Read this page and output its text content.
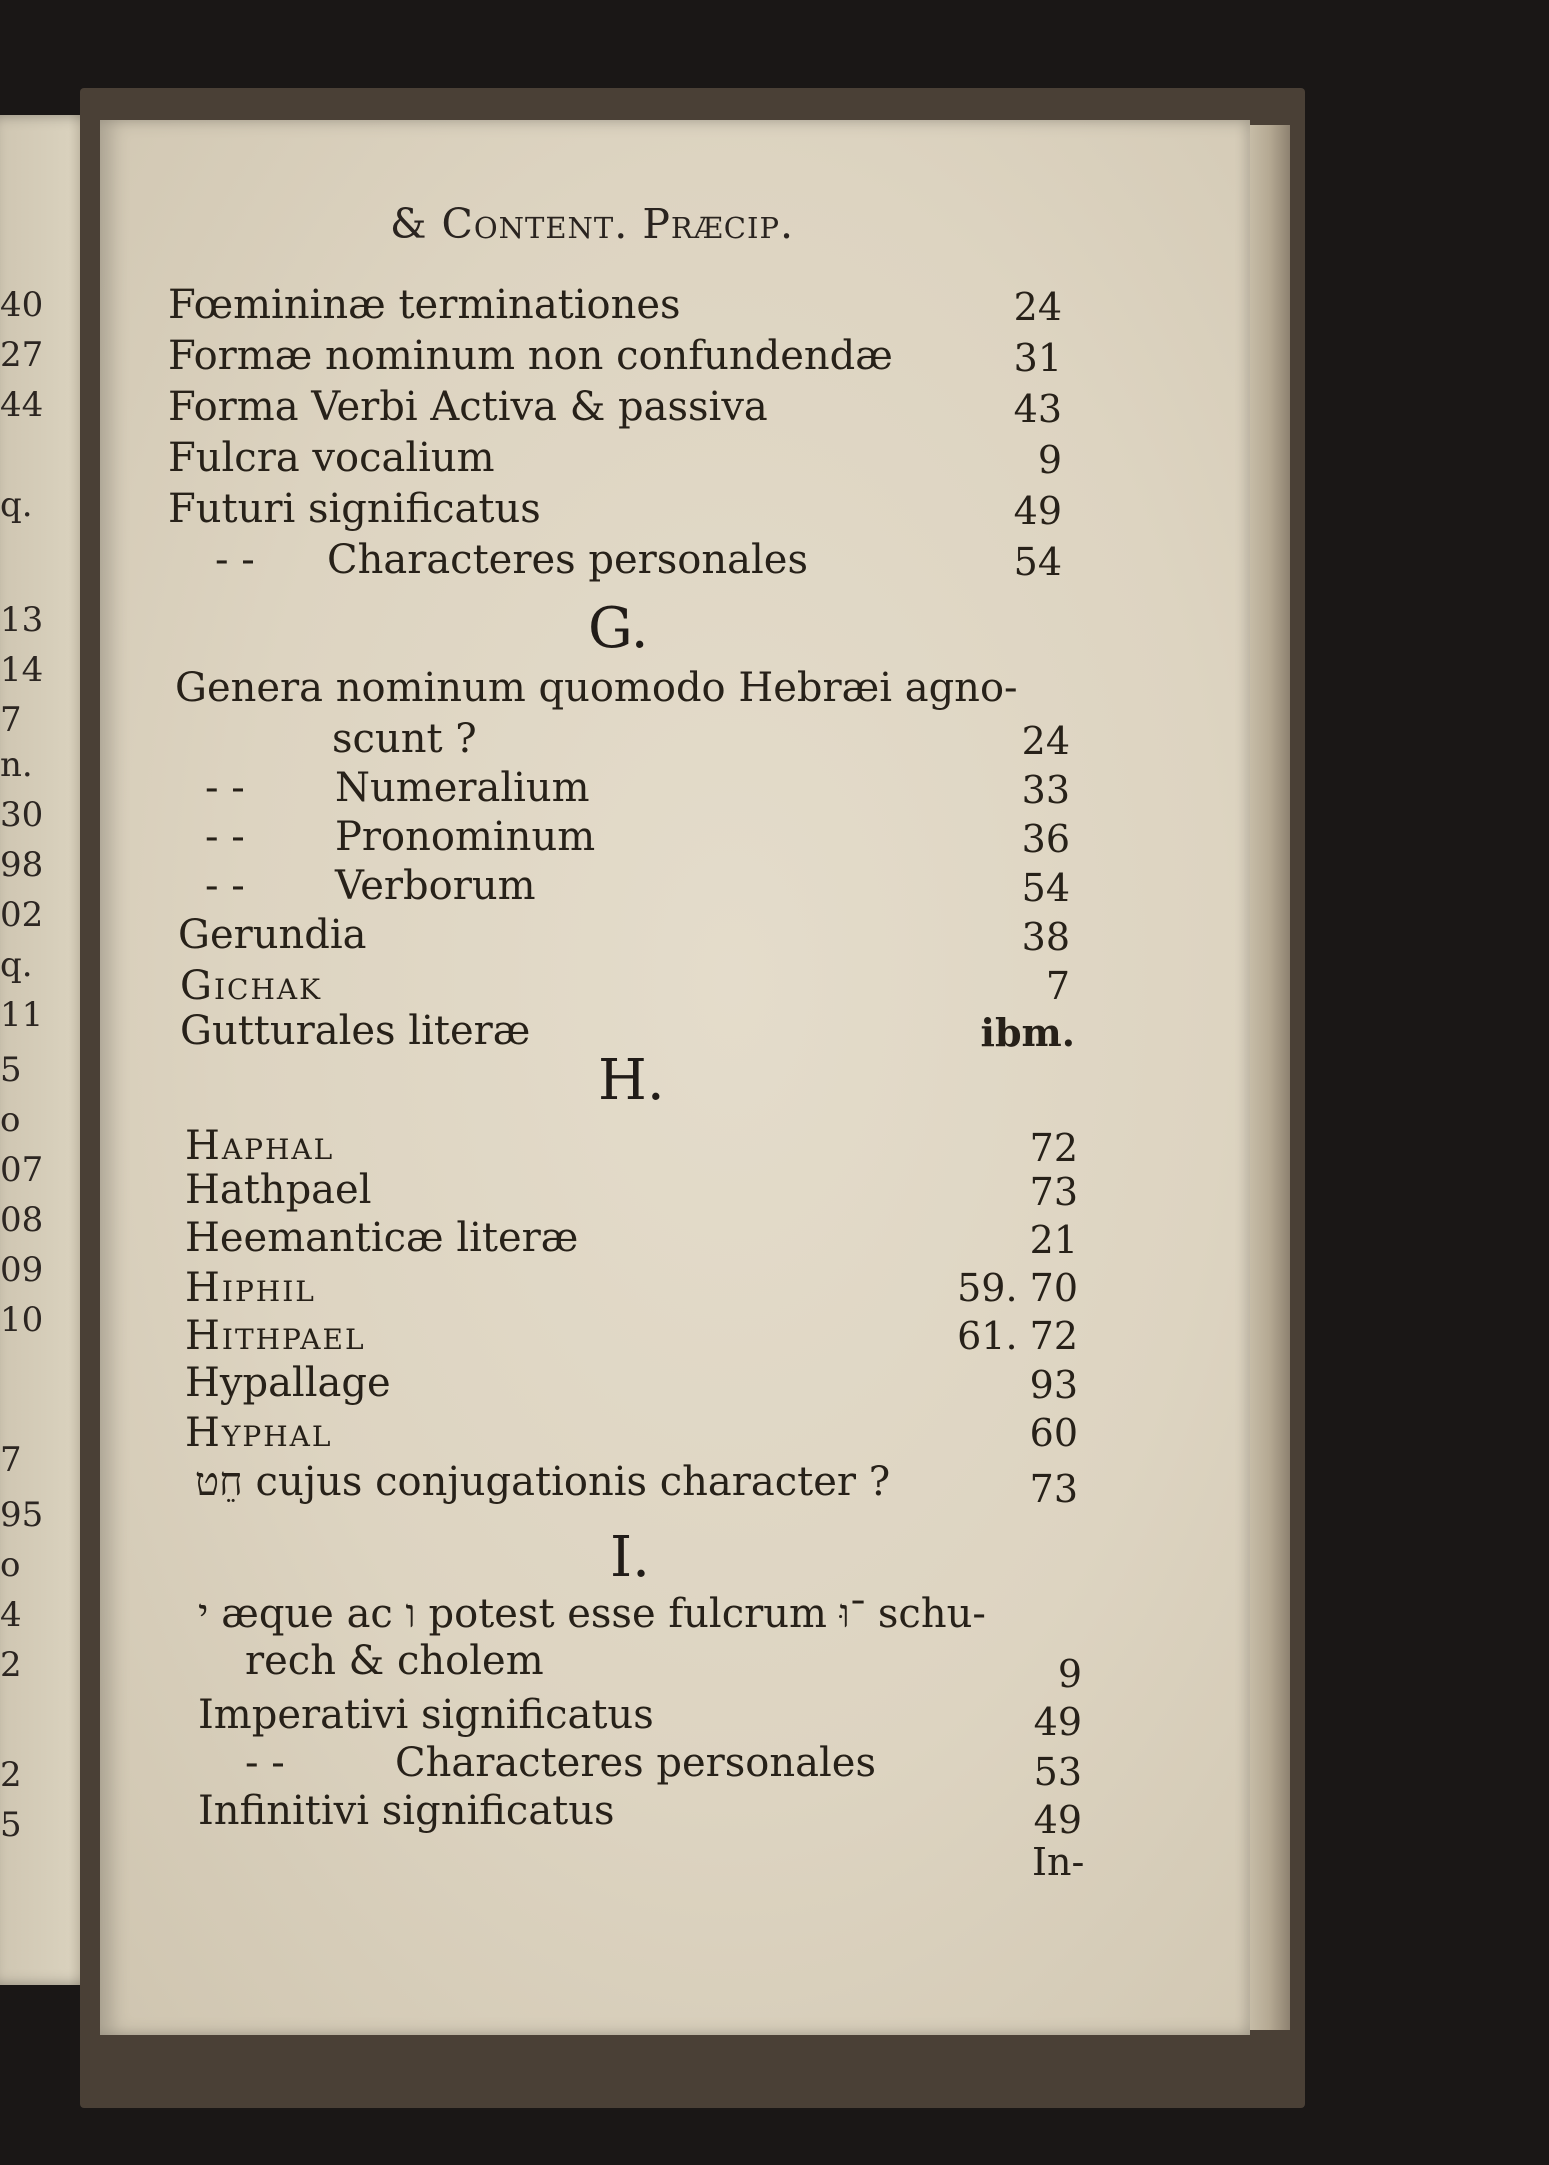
40
27
44
q.
13
14
7
n.
30
98
02
q.
11
5
o
07
08
09
10
7
95
o
4
2
2
5
& Content. Præcip.
Fœmininæ terminationes	24
Formæ nominum non confundendæ	31
Forma Verbi Activa & passiva	43
Fulcra vocalium	9
Futuri significatus	49
- - Characteres personales	54
G.
Genera nominum quomodo Hebræi agno-
scunt ?	24
- - Numeralium	33
- - Pronominum	36
- - Verborum	54
Gerundia	38
Gichak	7
Gutturales literæ	ibm.
H.
Haphal	72
Hathpael	73
Heemanticæ literæ	21
Hiphil	59. 70
Hithpael	61. 72
Hypallage	93
Hyphal	60
חֵט cujus conjugationis character ?	73
I.
י æque ac ו potest esse fulcrum ־וּ schu-
rech & cholem	9
Imperativi significatus	49
- -	Characteres personales	53
Infinitivi significatus	49
In-
